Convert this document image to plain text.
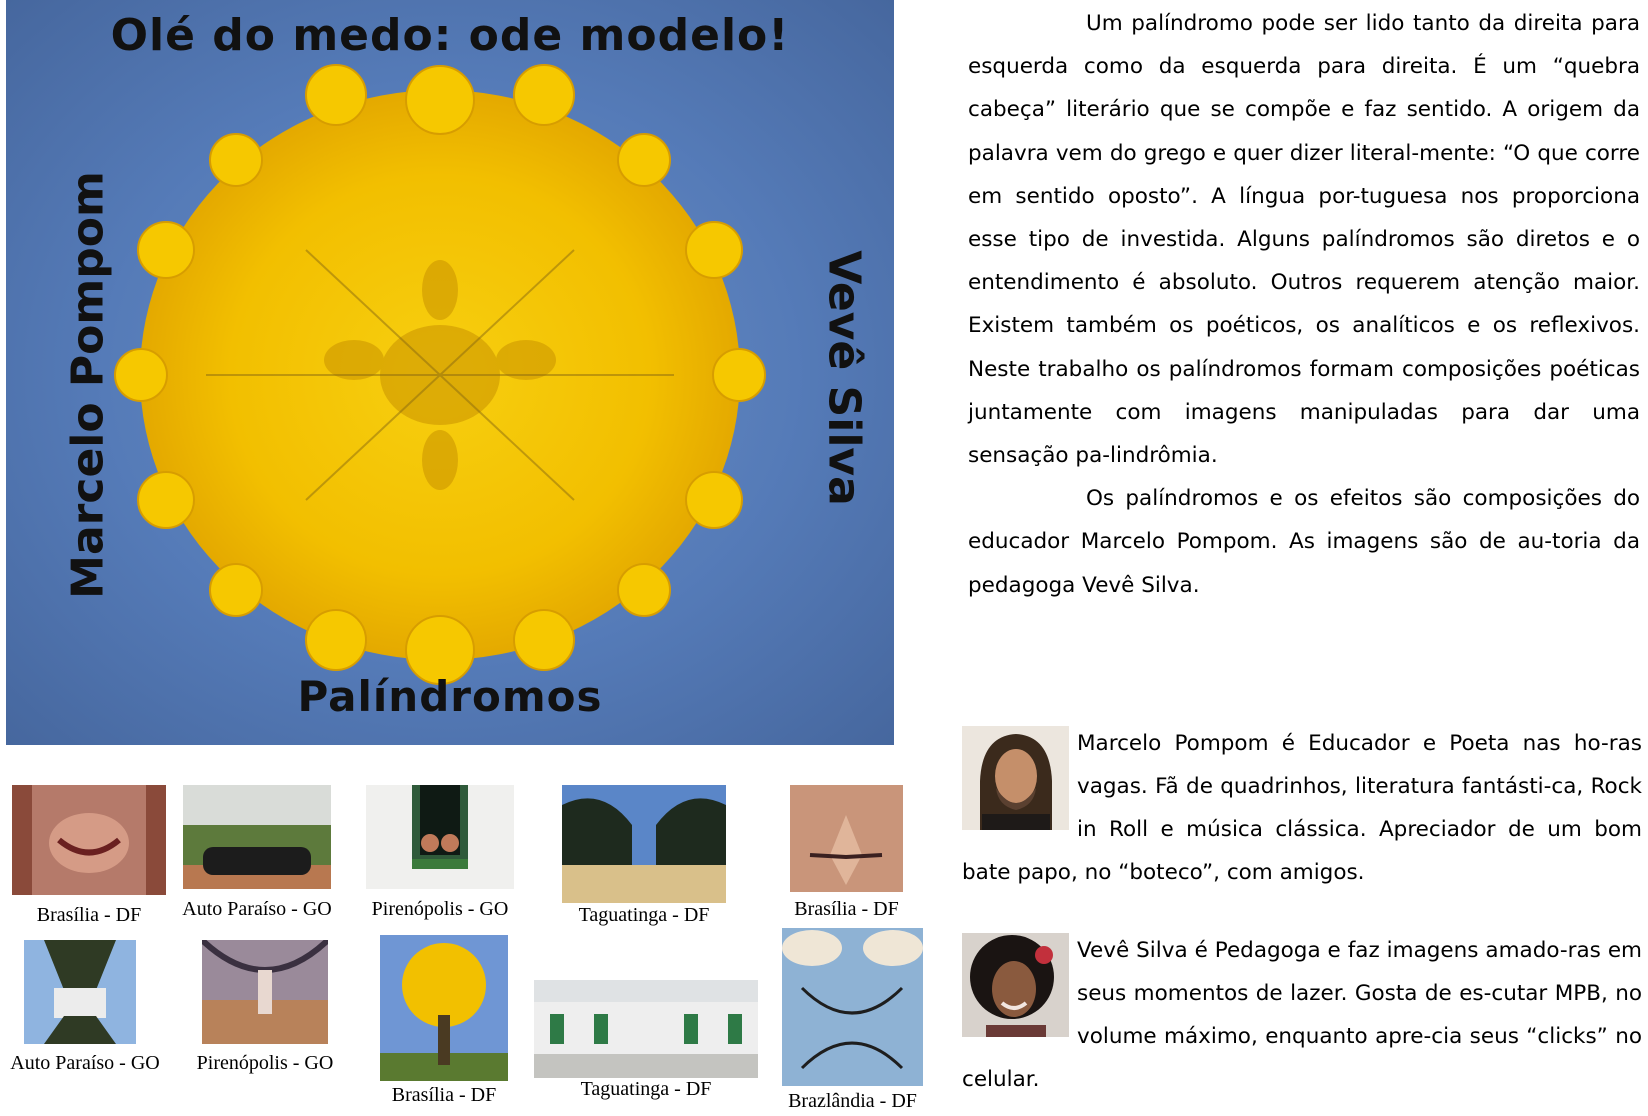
Olé do medo: ode modelo!
Marcelo Pompom	Vevê Silva
Palíndromos

Um palíndromo pode ser lido tanto da direita para esquerda como da esquerda para direita. É um “quebra cabeça” literário que se compõe e faz sentido. A origem da palavra vem do grego e quer dizer literal-mente: “O que corre em sentido oposto”. A língua por-tuguesa nos proporciona esse tipo de investida. Alguns palíndromos são diretos e o entendimento é absoluto. Outros requerem atenção maior. Existem também os poéticos, os analíticos e os reflexivos. Neste trabalho os palíndromos formam composições poéticas juntamente com imagens manipuladas para dar uma sensação pa-lindrômia.

Os palíndromos e os efeitos são composições do educador Marcelo Pompom. As imagens são de au-toria da pedagoga Vevê Silva.

Marcelo Pompom é Educador e Poeta nas ho-ras vagas. Fã de quadrinhos, literatura fantásti-ca, Rock in Roll e música clássica. Apreciador de um bom bate papo, no “boteco”, com amigos.

Vevê Silva é Pedagoga e faz imagens amado-ras em seus momentos de lazer. Gosta de es-cutar MPB, no volume máximo, enquanto apre-cia seus “clicks” no celular.

Brasília - DF	Auto Paraíso - GO	Pirenópolis - GO	Taguatinga - DF	Brasília - DF
Auto Paraíso - GO	Pirenópolis - GO
Brasília - DF	Taguatinga - DF
Brazlândia - DF
